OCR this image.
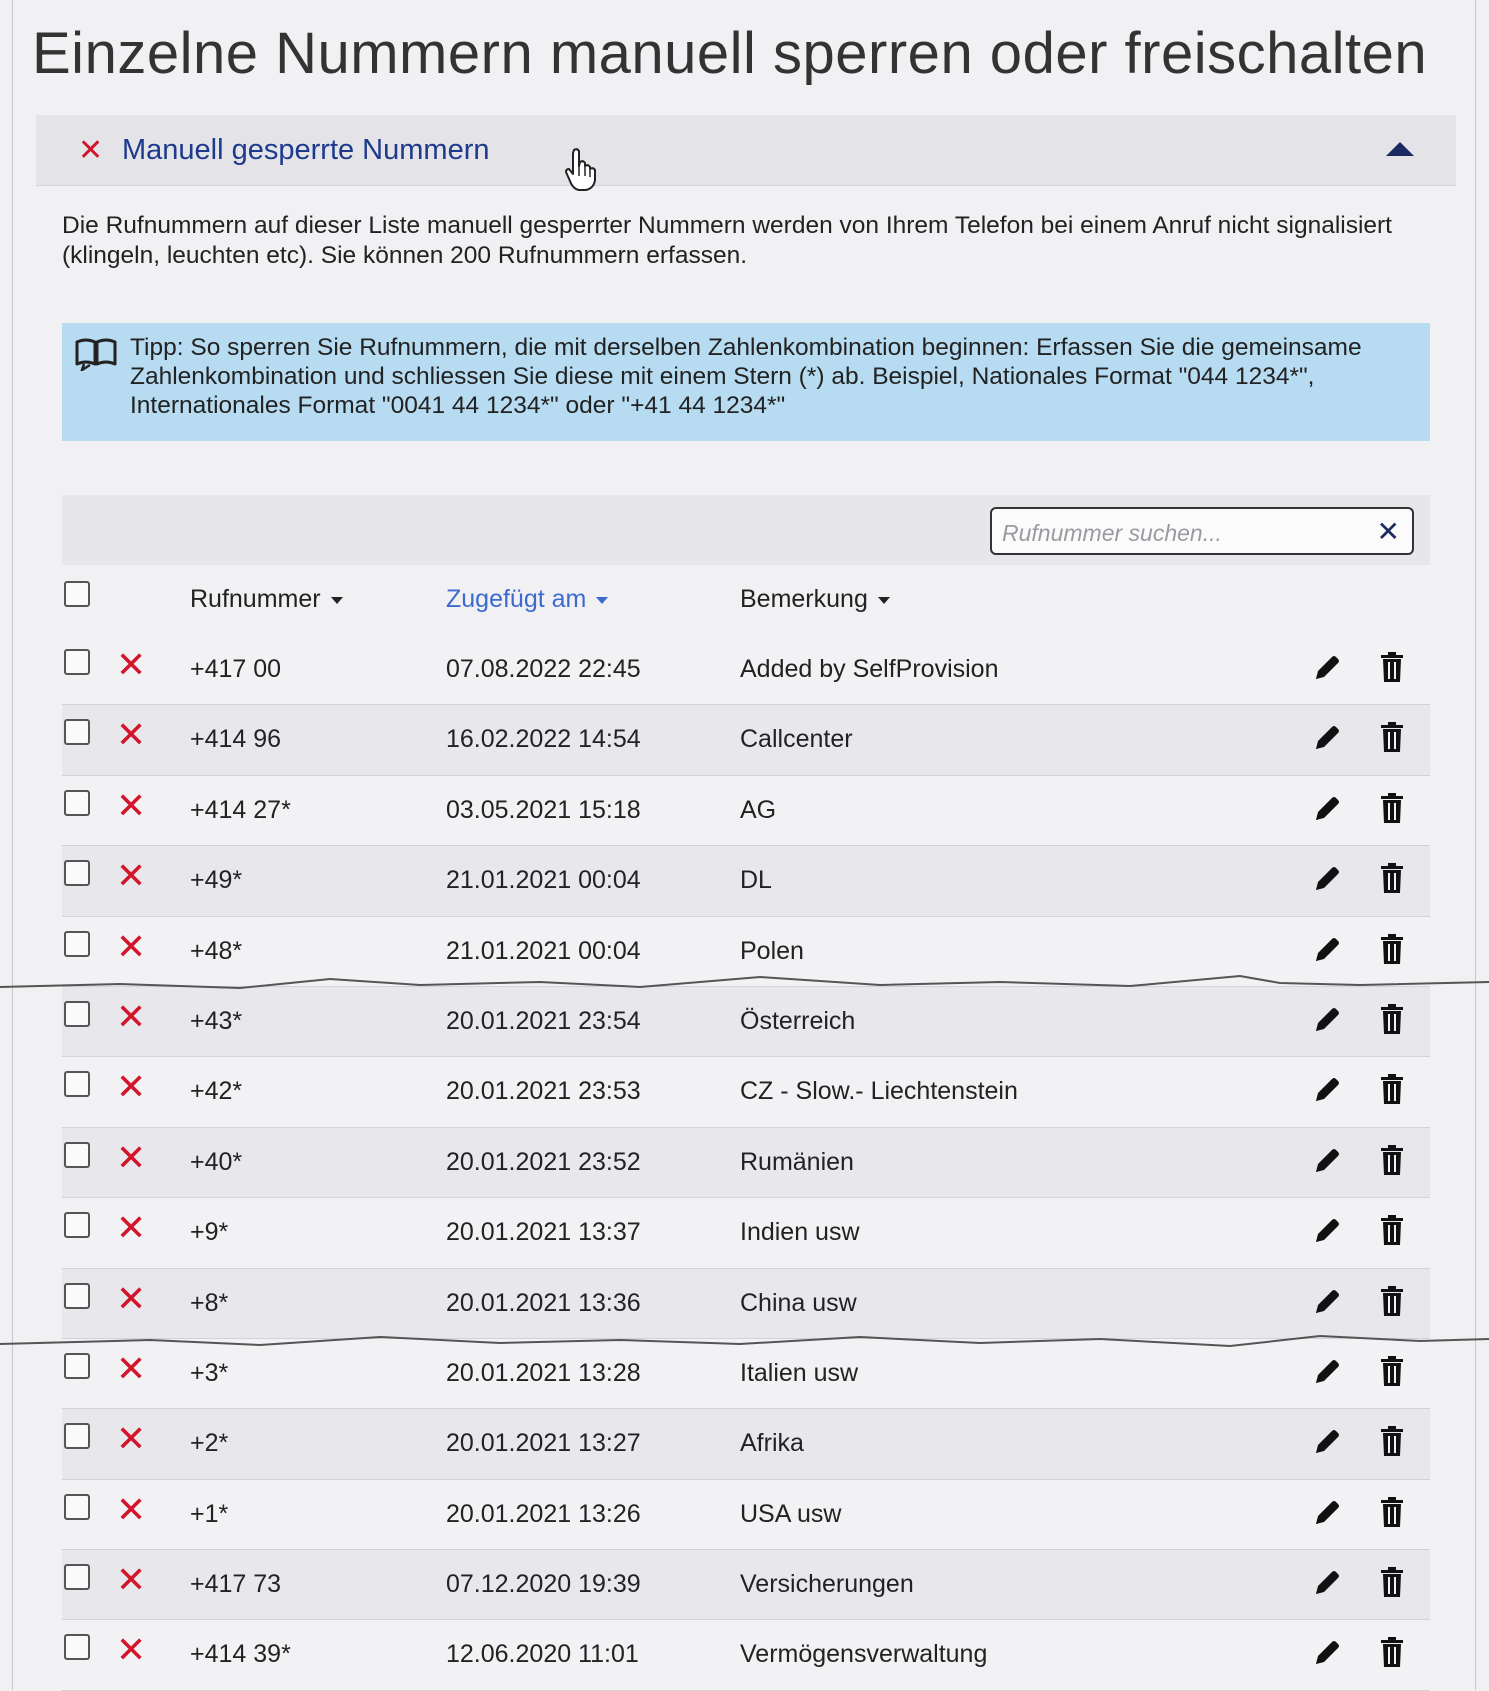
Einzelne Nummern manuell sperren oder freischalten
✕ Manuell gesperrte Nummern

Die Rufnummern auf dieser Liste manuell gesperrter Nummern werden von Ihrem Telefon bei einem Anruf nicht signalisiert (klingeln, leuchten etc). Sie können 200 Rufnummern erfassen.

Tipp: So sperren Sie Rufnummern, die mit derselben Zahlenkombination beginnen: Erfassen Sie die gemeinsame Zahlenkombination und schliessen Sie diese mit einem Stern (*) ab. Beispiel, Nationales Format "044 1234*", Internationales Format "0041 44 1234*" oder "+41 44 1234*"

Rufnummer suchen...
✕
Rufnummer	Zugefügt am	Bemerkung
✕ +417 00	07.08.2022 22:45	Added by SelfProvision
✕ +414 96	16.02.2022 14:54	Callcenter
✕ +414 27*	03.05.2021 15:18	AG
✕ +49*	21.01.2021 00:04	DL
✕ +48*	21.01.2021 00:04	Polen
✕ +43*	20.01.2021 23:54	Österreich
✕ +42*	20.01.2021 23:53	CZ - Slow.- Liechtenstein
✕ +40*	20.01.2021 23:52	Rumänien
✕ +9*	20.01.2021 13:37	Indien usw
✕ +8*	20.01.2021 13:36	China usw
✕ +3*	20.01.2021 13:28	Italien usw
✕ +2*	20.01.2021 13:27	Afrika
✕ +1*	20.01.2021 13:26	USA usw
✕ +417 73	07.12.2020 19:39	Versicherungen
✕ +414 39*	12.06.2020 11:01	Vermögensverwaltung
